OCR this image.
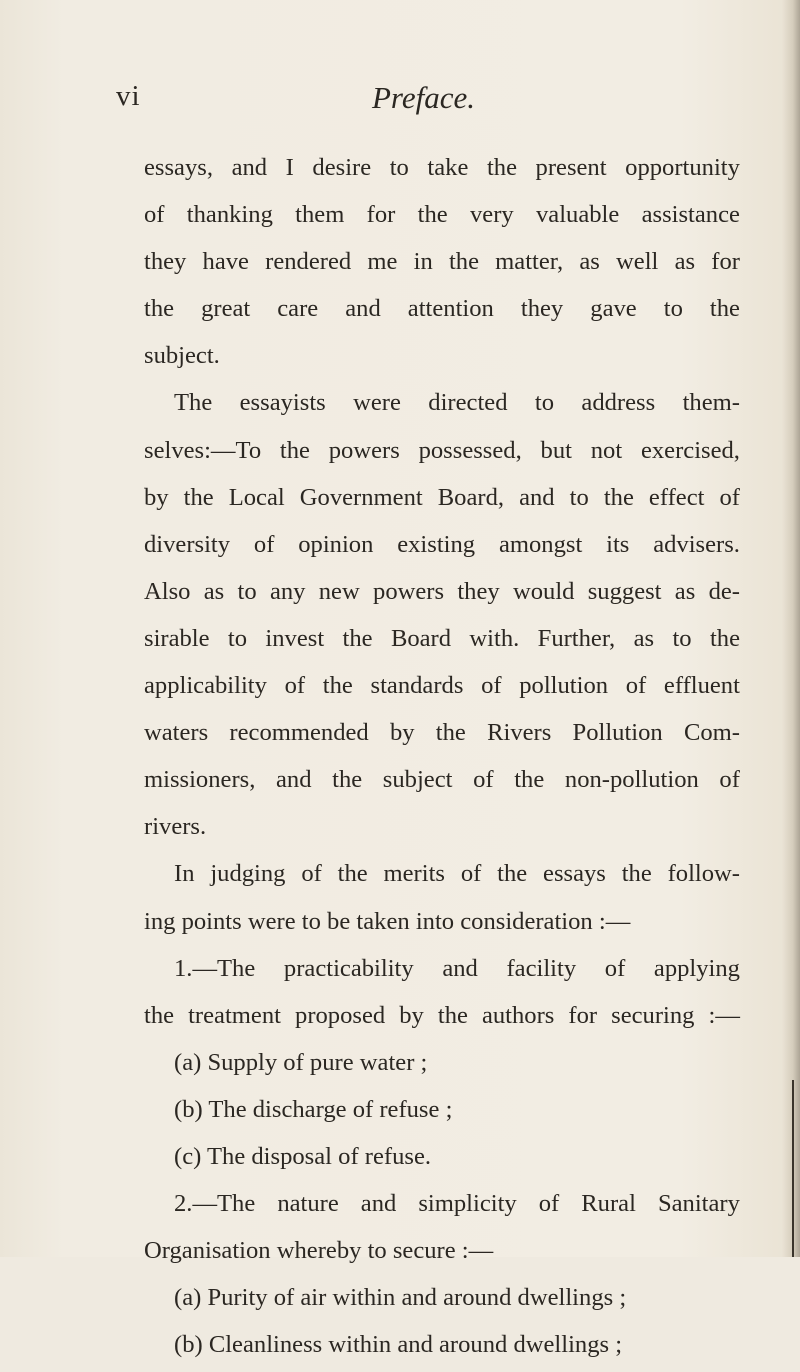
vi	Preface.
essays, and I desire to take the present opportunity
of thanking them for the very valuable assistance
they have rendered me in the matter, as well as for
the great care and attention they gave to the
subject.
The essayists were directed to address them-
selves:—To the powers possessed, but not exercised,
by the Local Government Board, and to the effect of
diversity of opinion existing amongst its advisers.
Also as to any new powers they would suggest as de-
sirable to invest the Board with. Further, as to the
applicability of the standards of pollution of effluent
waters recommended by the Rivers Pollution Com-
missioners, and the subject of the non-pollution of
rivers.
In judging of the merits of the essays the follow-
ing points were to be taken into consideration :—
1.—The practicability and facility of applying
the treatment proposed by the authors for securing :—
(a) Supply of pure water ;
(b) The discharge of refuse ;
(c) The disposal of refuse.
2.—The nature and simplicity of Rural Sanitary
Organisation whereby to secure :—
(a) Purity of air within and around dwellings ;
(b) Cleanliness within and around dwellings ;
